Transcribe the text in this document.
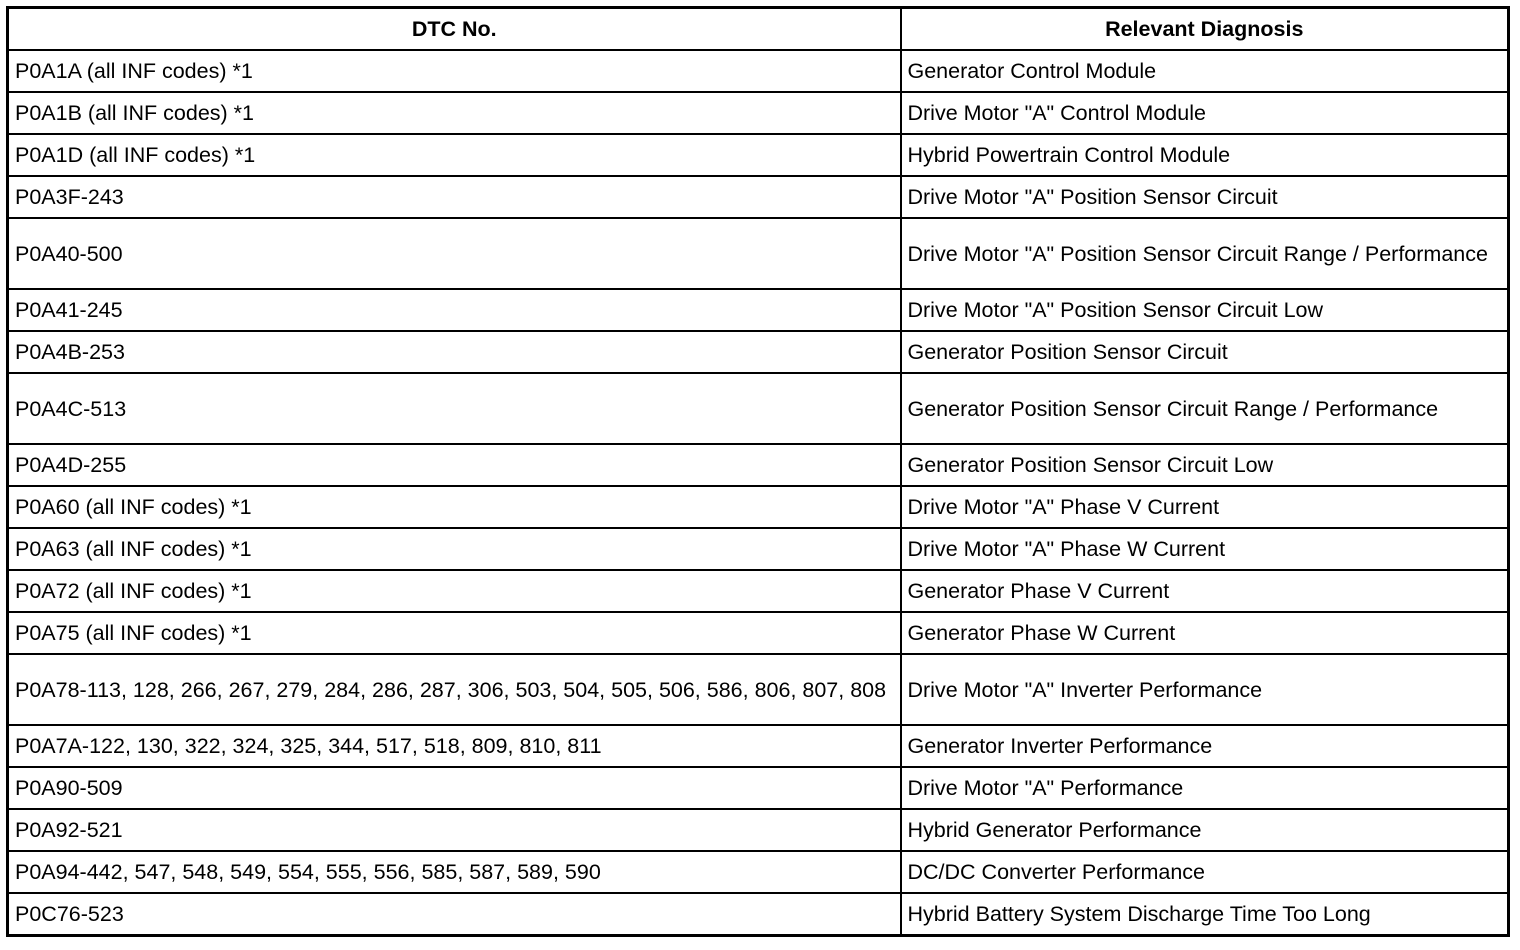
DTC No.	Relevant Diagnosis
P0A1A (all INF codes) *1	Generator Control Module
P0A1B (all INF codes) *1	Drive Motor "A" Control Module
P0A1D (all INF codes) *1	Hybrid Powertrain Control Module
P0A3F-243	Drive Motor "A" Position Sensor Circuit
P0A40-500	Drive Motor "A" Position Sensor Circuit Range / Performance
P0A41-245	Drive Motor "A" Position Sensor Circuit Low
P0A4B-253	Generator Position Sensor Circuit
P0A4C-513	Generator Position Sensor Circuit Range / Performance
P0A4D-255	Generator Position Sensor Circuit Low
P0A60 (all INF codes) *1	Drive Motor "A" Phase V Current
P0A63 (all INF codes) *1	Drive Motor "A" Phase W Current
P0A72 (all INF codes) *1	Generator Phase V Current
P0A75 (all INF codes) *1	Generator Phase W Current
P0A78-113, 128, 266, 267, 279, 284, 286, 287, 306, 503, 504, 505, 506, 586, 806, 807, 808	Drive Motor "A" Inverter Performance
P0A7A-122, 130, 322, 324, 325, 344, 517, 518, 809, 810, 811	Generator Inverter Performance
P0A90-509	Drive Motor "A" Performance
P0A92-521	Hybrid Generator Performance
P0A94-442, 547, 548, 549, 554, 555, 556, 585, 587, 589, 590	DC/DC Converter Performance
P0C76-523	Hybrid Battery System Discharge Time Too Long
